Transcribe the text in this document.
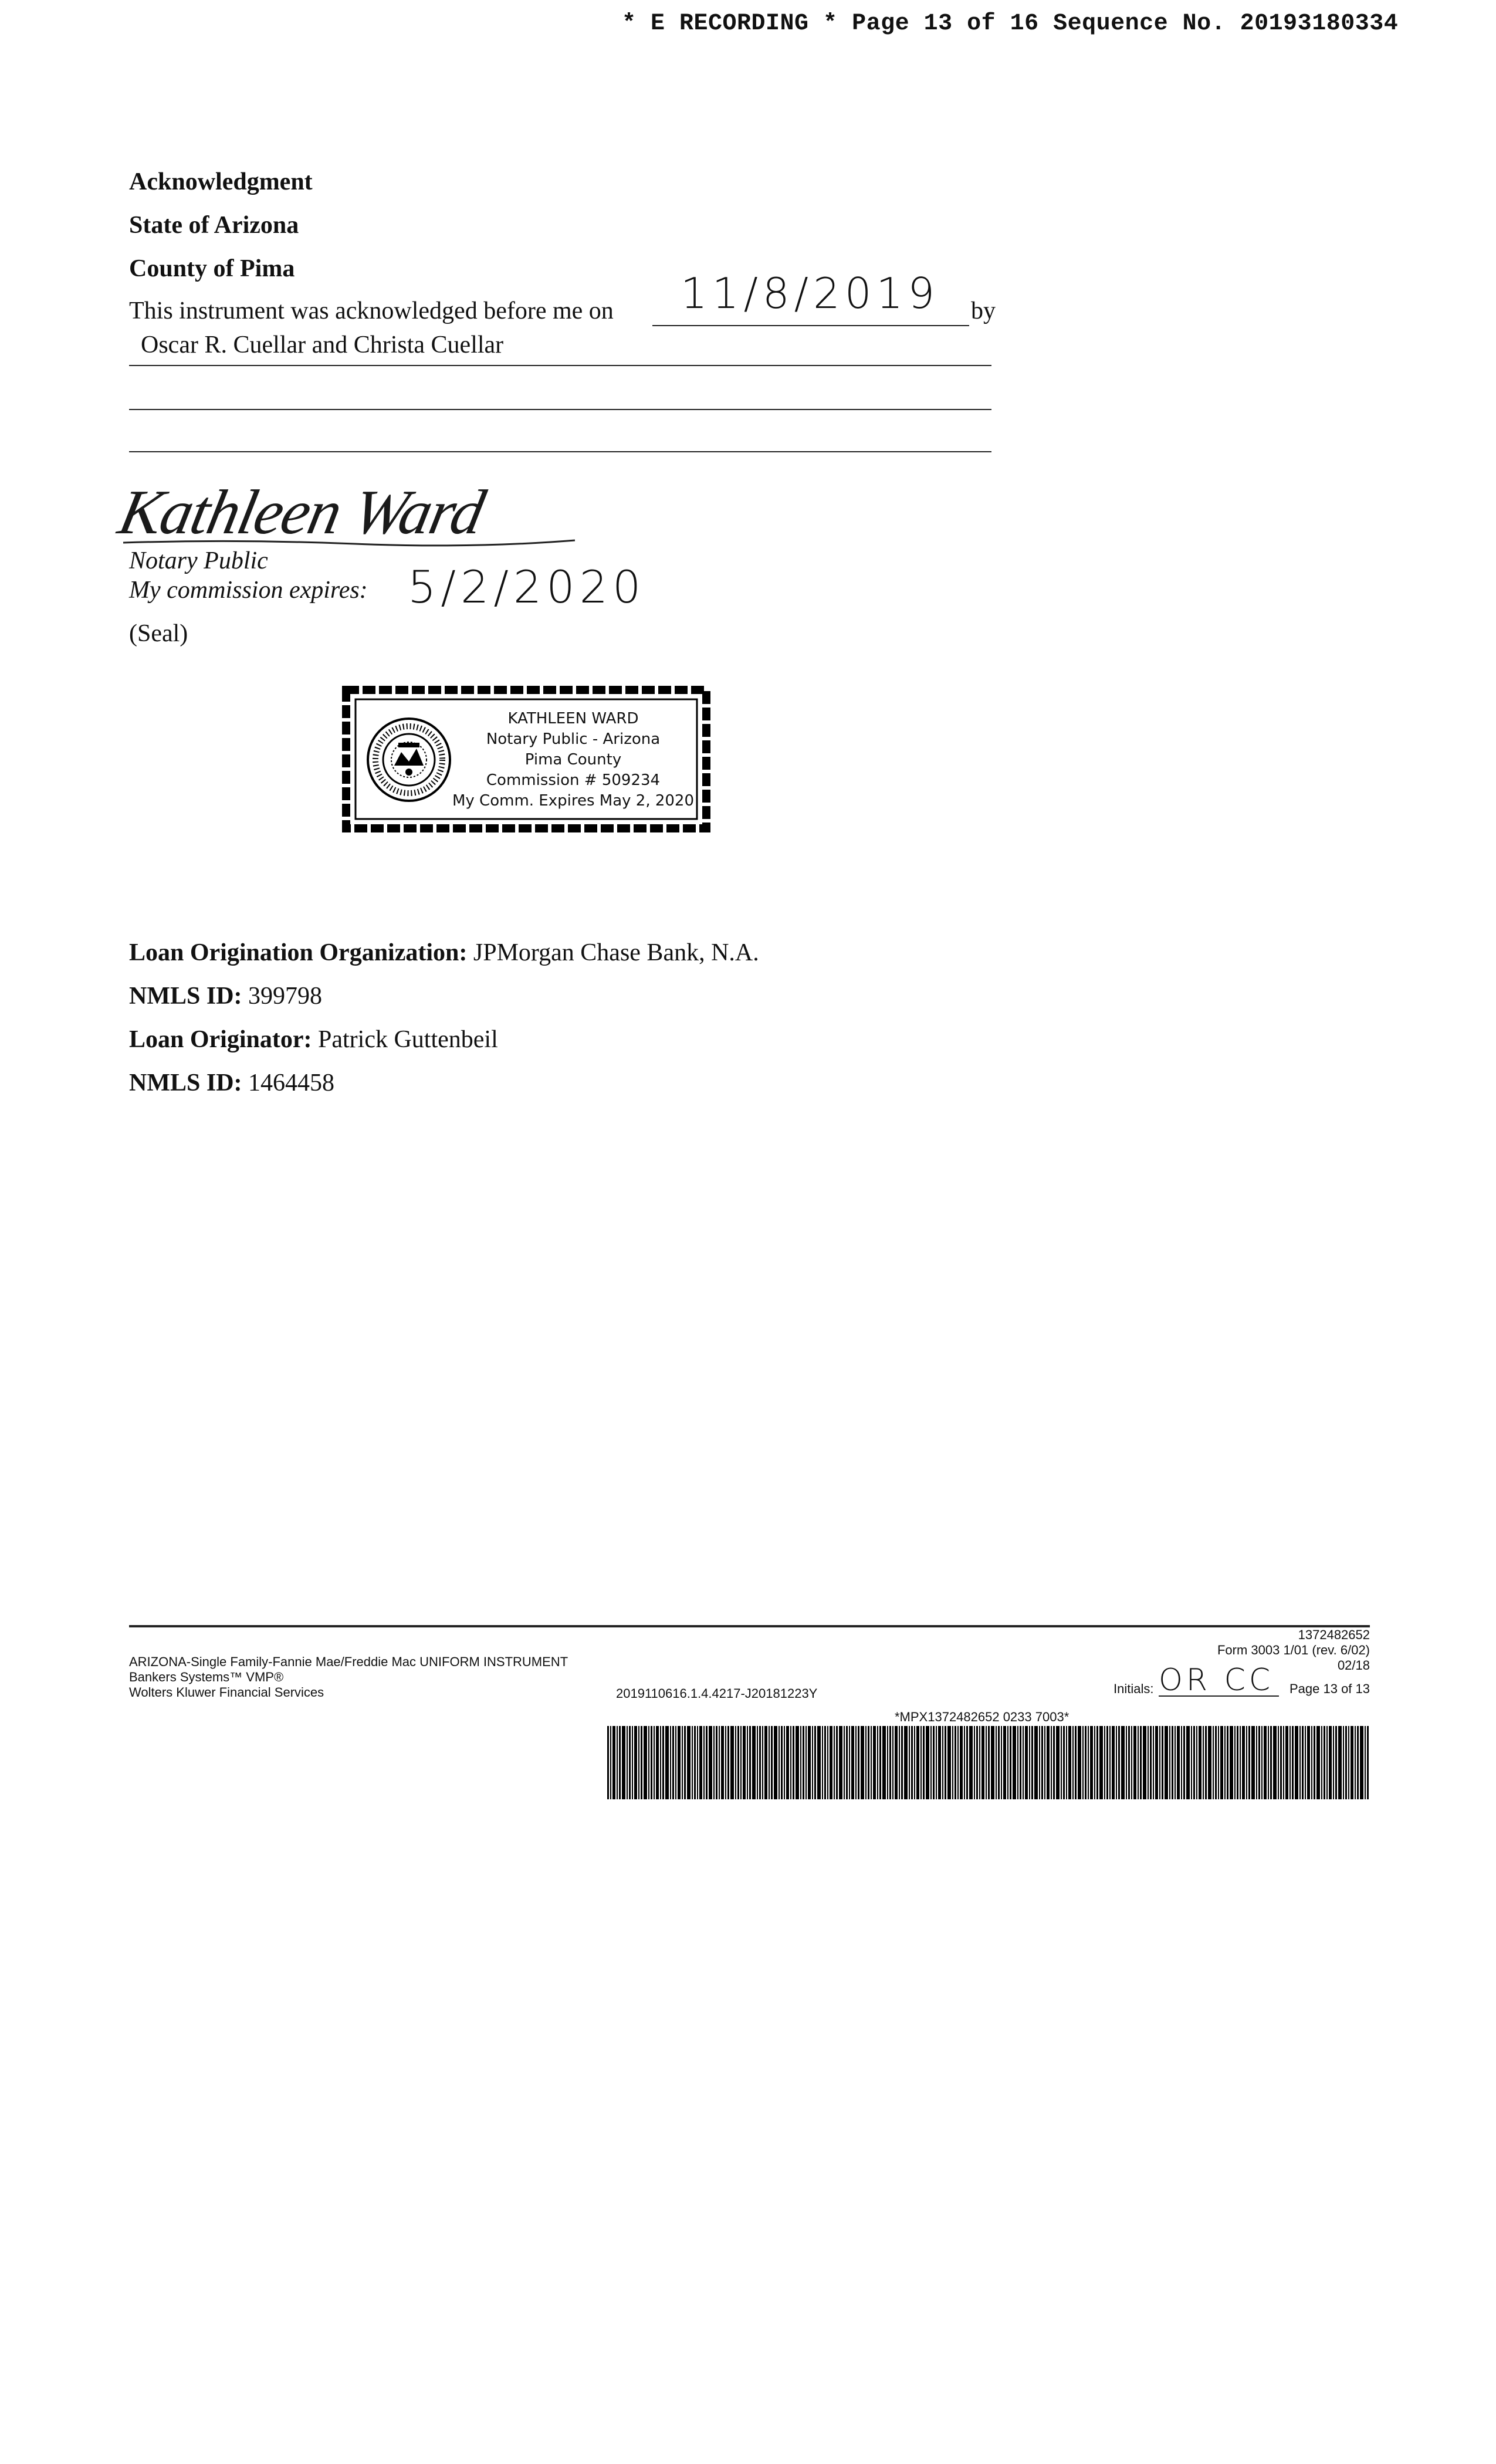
* E RECORDING * Page 13 of 16 Sequence No. 20193180334
Acknowledgment
State of Arizona
County of Pima
This instrument was acknowledged before me on 11/8/2019 by
Oscar R. Cuellar and Christa Cuellar
Kathleen Ward
Notary Public
My commission expires: 5/2/2020
(Seal)
KATHLEEN WARD
Notary Public - Arizona
Pima County
Commission # 509234
My Comm. Expires May 2, 2020
Loan Origination Organization: JPMorgan Chase Bank, N.A.
NMLS ID: 399798
Loan Originator: Patrick Guttenbeil
NMLS ID: 1464458
ARIZONA-Single Family-Fannie Mae/Freddie Mac UNIFORM INSTRUMENT
Bankers Systems™ VMP®
Wolters Kluwer Financial Services	2019110616.1.4.4217-J20181223Y
1372482652
Form 3003 1/01 (rev. 6/02)
02/18
Initials: OR CC Page 13 of 13
*MPX1372482652 0233 7003*
